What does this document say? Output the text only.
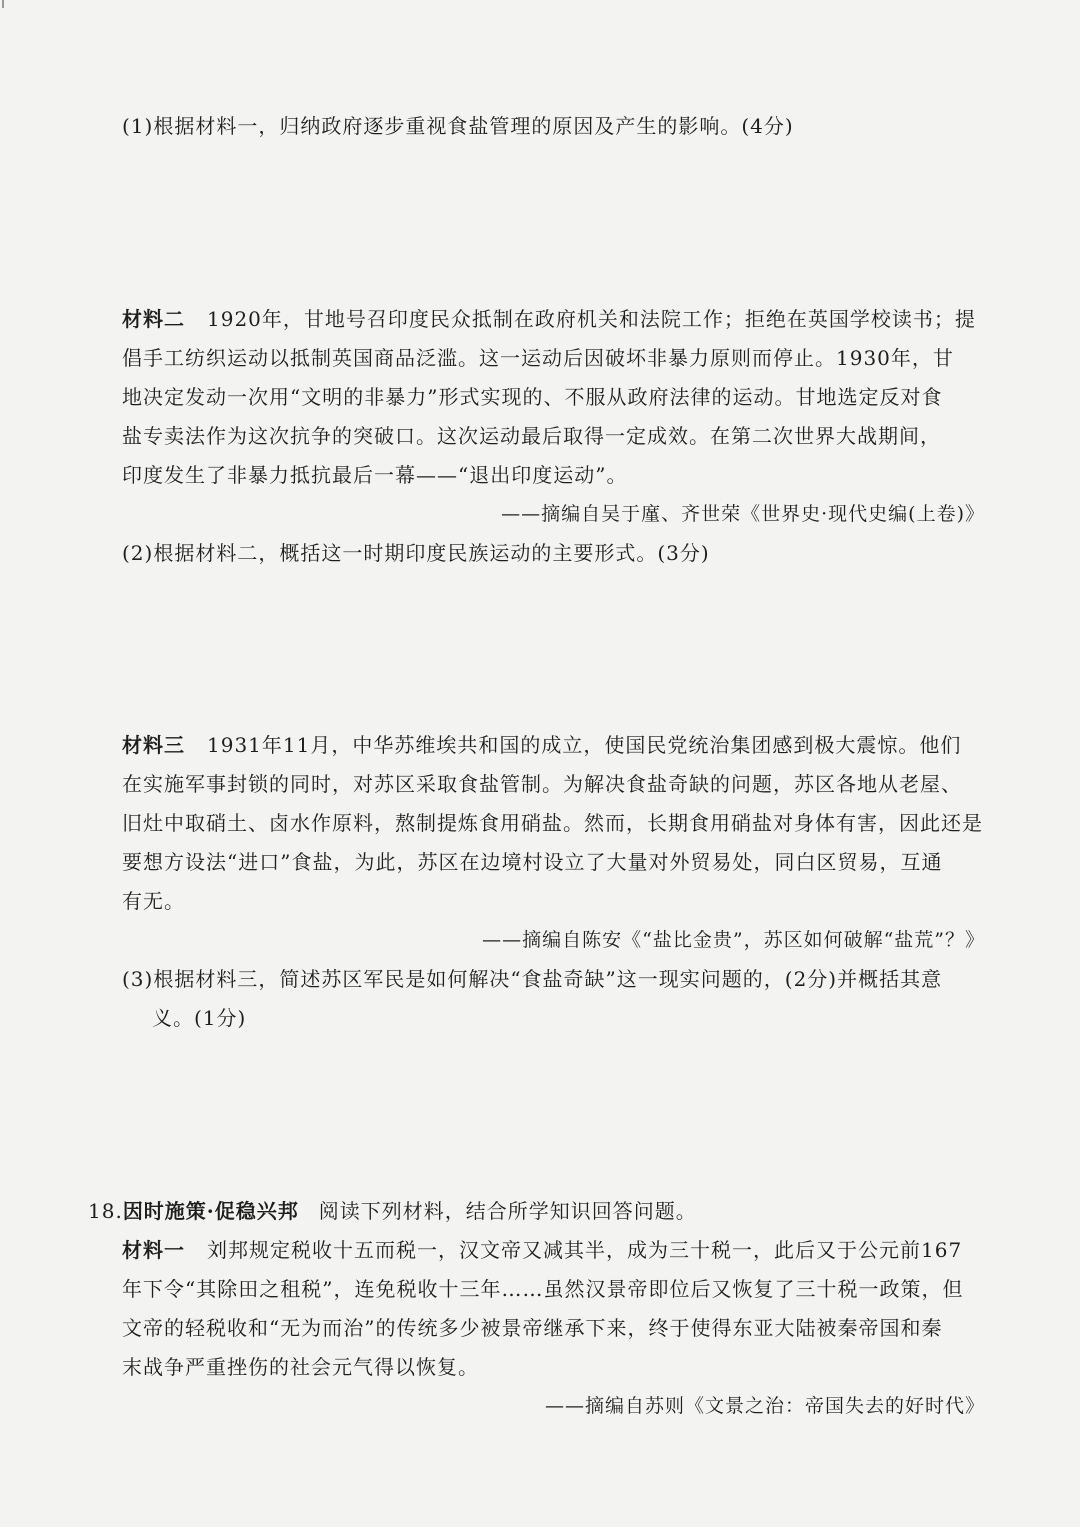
(1)根据材料一，归纳政府逐步重视食盐管理的原因及产生的影响。(4分)
材料二 1920年，甘地号召印度民众抵制在政府机关和法院工作；拒绝在英国学校读书；提
倡手工纺织运动以抵制英国商品泛滥。这一运动后因破坏非暴力原则而停止。1930年，甘
地决定发动一次用“文明的非暴力”形式实现的、不服从政府法律的运动。甘地选定反对食
盐专卖法作为这次抗争的突破口。这次运动最后取得一定成效。在第二次世界大战期间，
印度发生了非暴力抵抗最后一幕——“退出印度运动”。
——摘编自吴于廑、齐世荣《世界史·现代史编(上卷)》
(2)根据材料二，概括这一时期印度民族运动的主要形式。(3分)
材料三 1931年11月，中华苏维埃共和国的成立，使国民党统治集团感到极大震惊。他们
在实施军事封锁的同时，对苏区采取食盐管制。为解决食盐奇缺的问题，苏区各地从老屋、
旧灶中取硝土、卤水作原料，熬制提炼食用硝盐。然而，长期食用硝盐对身体有害，因此还是
要想方设法“进口”食盐，为此，苏区在边境村设立了大量对外贸易处，同白区贸易，互通
有无。
——摘编自陈安《“盐比金贵”，苏区如何破解“盐荒”？》
(3)根据材料三，简述苏区军民是如何解决“食盐奇缺”这一现实问题的，(2分)并概括其意
义。(1分)
18.因时施策·促稳兴邦 阅读下列材料，结合所学知识回答问题。
材料一 刘邦规定税收十五而税一，汉文帝又减其半，成为三十税一，此后又于公元前167
年下令“其除田之租税”，连免税收十三年……虽然汉景帝即位后又恢复了三十税一政策，但
文帝的轻税收和“无为而治”的传统多少被景帝继承下来，终于使得东亚大陆被秦帝国和秦
末战争严重挫伤的社会元气得以恢复。
——摘编自苏则《文景之治：帝国失去的好时代》
